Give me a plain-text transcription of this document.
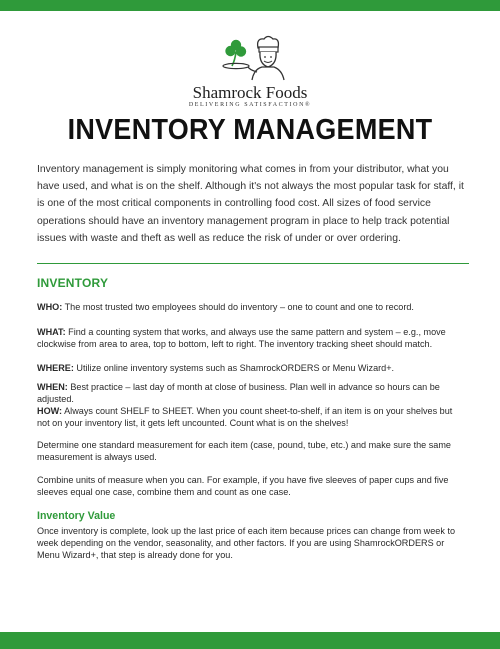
Shamrock Foods
DELIVERING SATISFACTION®
INVENTORY MANAGEMENT

Inventory management is simply monitoring what comes in from your distributor, what you have used, and what is on the shelf. Although it's not always the most popular task for staff, it is one of the most critical components in controlling food cost. All sizes of food service operations should have an inventory management program in place to help track potential issues with waste and theft as well as reduce the risk of under or over ordering.

INVENTORY

WHO: The most trusted two employees should do inventory – one to count and one to record.

WHAT: Find a counting system that works, and always use the same pattern and system – e.g., move clockwise from area to area, top to bottom, left to right. The inventory tracking sheet should match.

WHERE: Utilize online inventory systems such as ShamrockORDERS or Menu Wizard+.

WHEN: Best practice – last day of month at close of business. Plan well in advance so hours can be adjusted.

HOW: Always count SHELF to SHEET. When you count sheet-to-shelf, if an item is on your shelves but not on your inventory list, it gets left uncounted. Count what is on the shelves!

Determine one standard measurement for each item (case, pound, tube, etc.) and make sure the same measurement is always used.

Combine units of measure when you can. For example, if you have five sleeves of paper cups and five sleeves equal one case, combine them and count as one case.

Inventory Value

Once inventory is complete, look up the last price of each item because prices can change from week to week depending on the vendor, seasonality, and other factors. If you are using ShamrockORDERS or Menu Wizard+, that step is already done for you.
